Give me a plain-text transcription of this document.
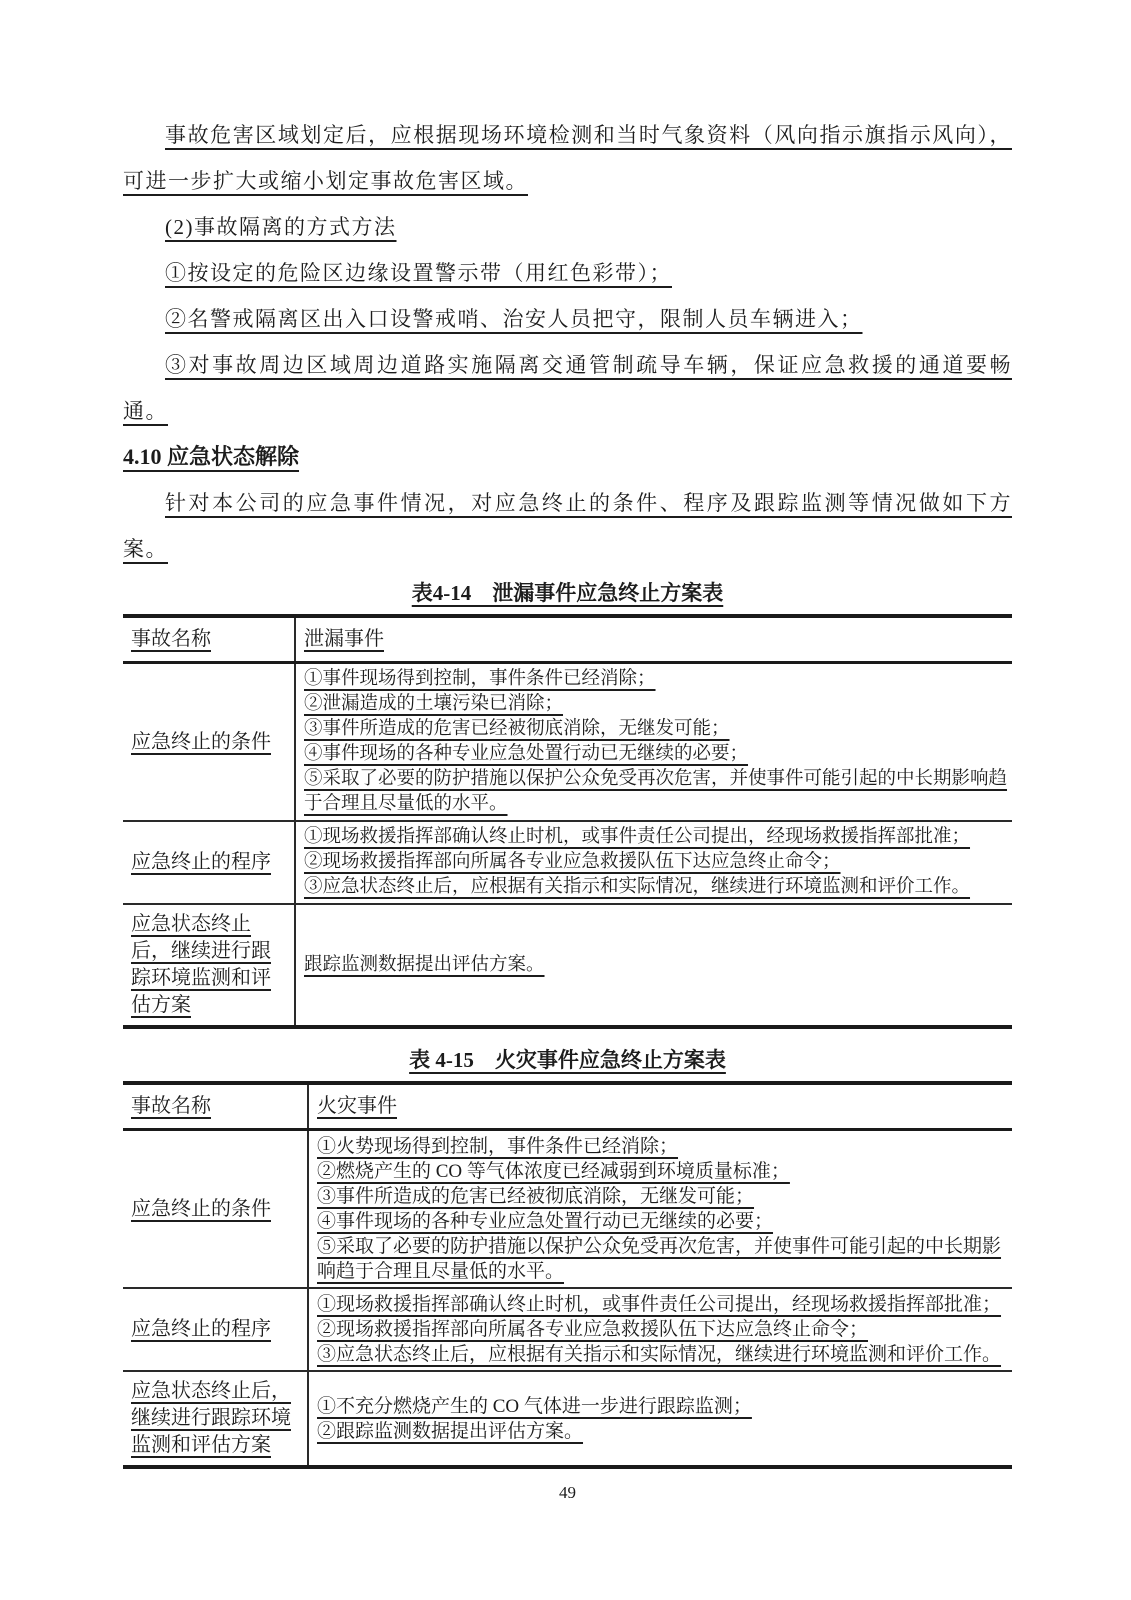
事故危害区域划定后，应根据现场环境检测和当时气象资料（风向指示旗指示风向），可进一步扩大或缩小划定事故危害区域。
(2)事故隔离的方式方法
①按设定的危险区边缘设置警示带（用红色彩带）；
②名警戒隔离区出入口设警戒哨、治安人员把守，限制人员车辆进入；
③对事故周边区域周边道路实施隔离交通管制疏导车辆，保证应急救援的通道要畅通。
4.10 应急状态解除
针对本公司的应急事件情况，对应急终止的条件、程序及跟踪监测等情况做如下方案。
表4-14　泄漏事件应急终止方案表
事故名称	泄漏事件

应急终止的条件	①事件现场得到控制，事件条件已经消除；
②泄漏造成的土壤污染已消除；
③事件所造成的危害已经被彻底消除，无继发可能；
④事件现场的各种专业应急处置行动已无继续的必要；
⑤采取了必要的防护措施以保护公众免受再次危害，并使事件可能引起的中长期影响趋于合理且尽量低的水平。

应急终止的程序	①现场救援指挥部确认终止时机，或事件责任公司提出，经现场救援指挥部批准；
②现场救援指挥部向所属各专业应急救援队伍下达应急终止命令；
③应急状态终止后，应根据有关指示和实际情况，继续进行环境监测和评价工作。

应急状态终止后，继续进行跟踪环境监测和评估方案	跟踪监测数据提出评估方案。
表 4-15　火灾事件应急终止方案表
事故名称	火灾事件

应急终止的条件	①火势现场得到控制，事件条件已经消除；
②燃烧产生的 CO 等气体浓度已经减弱到环境质量标准；
③事件所造成的危害已经被彻底消除，无继发可能；
④事件现场的各种专业应急处置行动已无继续的必要；
⑤采取了必要的防护措施以保护公众免受再次危害，并使事件可能引起的中长期影响趋于合理且尽量低的水平。

应急终止的程序	①现场救援指挥部确认终止时机，或事件责任公司提出，经现场救援指挥部批准；
②现场救援指挥部向所属各专业应急救援队伍下达应急终止命令；
③应急状态终止后，应根据有关指示和实际情况，继续进行环境监测和评价工作。

应急状态终止后，继续进行跟踪环境监测和评估方案	①不充分燃烧产生的 CO 气体进一步进行跟踪监测；
②跟踪监测数据提出评估方案。
49
